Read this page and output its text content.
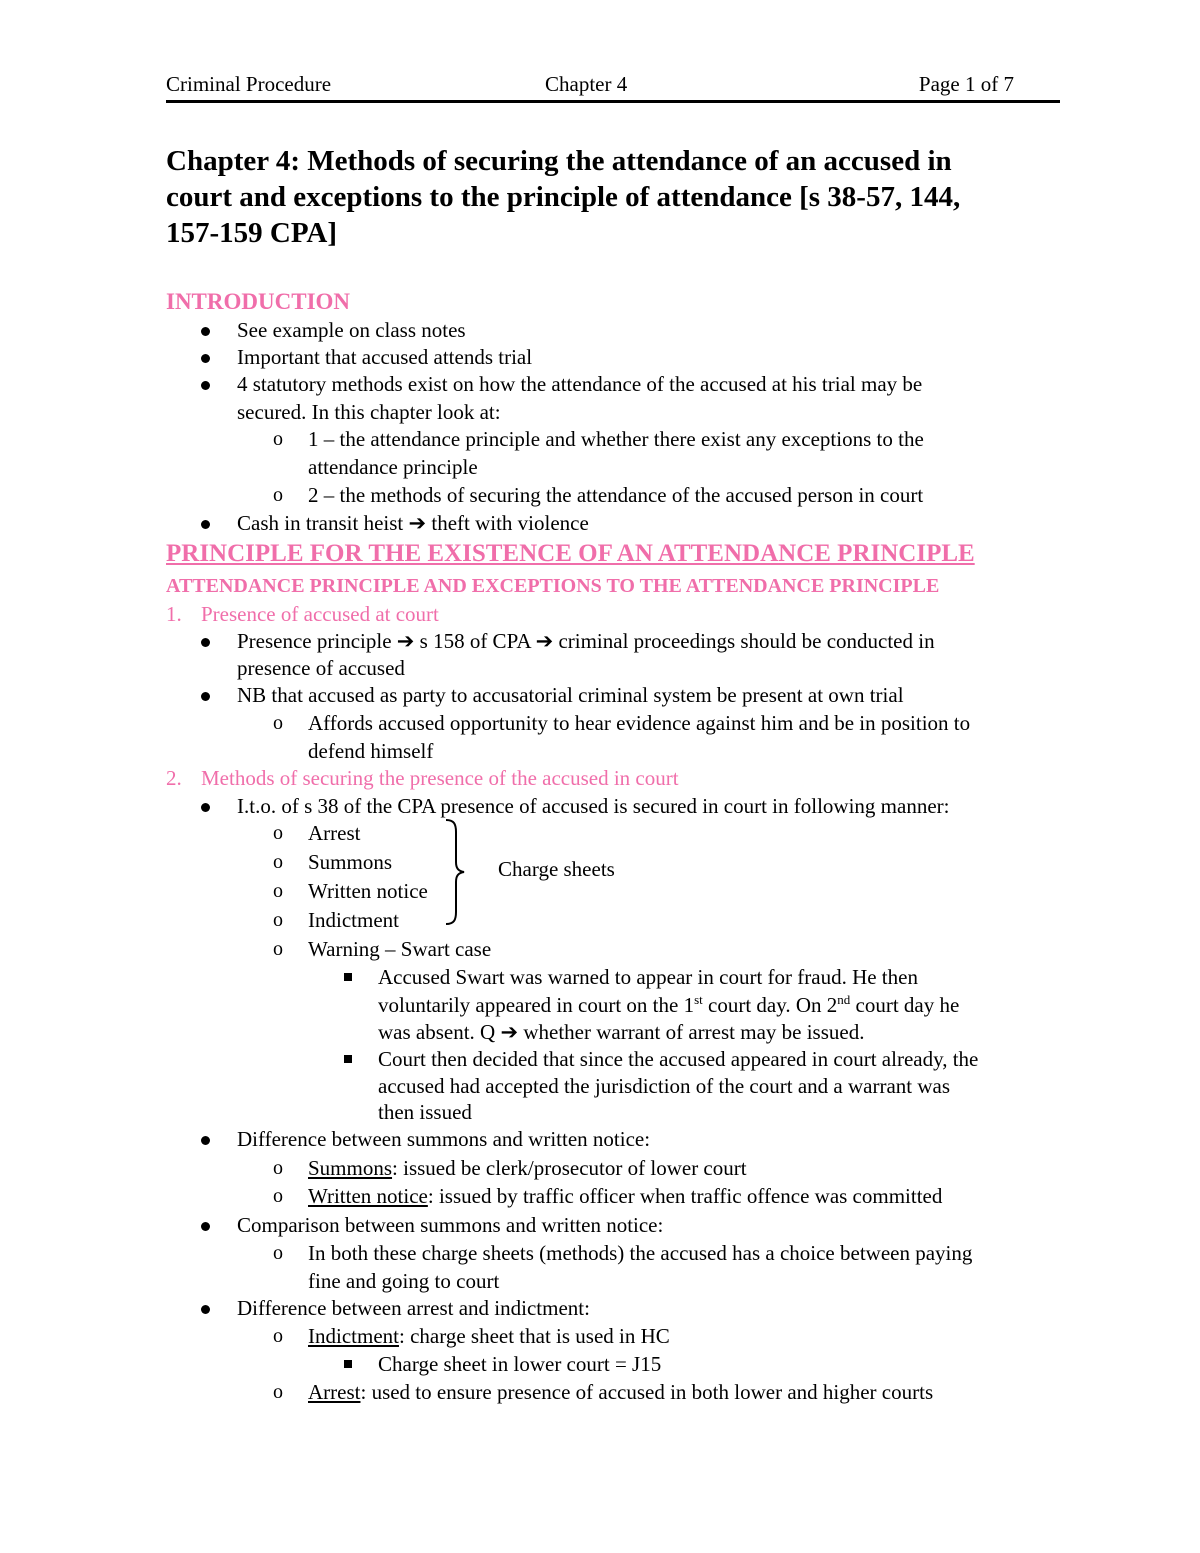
Criminal Procedure	Chapter 4	Page 1 of 7
Chapter 4: Methods of securing the attendance of an accused in
court and exceptions to the principle of attendance [s 38-57, 144,
157-159 CPA]
INTRODUCTION
See example on class notes
Important that accused attends trial
4 statutory methods exist on how the attendance of the accused at his trial may be
secured. In this chapter look at:
o 1 – the attendance principle and whether there exist any exceptions to the
attendance principle
o 2 – the methods of securing the attendance of the accused person in court
Cash in transit heist ➔ theft with violence
PRINCIPLE FOR THE EXISTENCE OF AN ATTENDANCE PRINCIPLE
ATTENDANCE PRINCIPLE AND EXCEPTIONS TO THE ATTENDANCE PRINCIPLE
1. Presence of accused at court
Presence principle ➔ s 158 of CPA ➔ criminal proceedings should be conducted in
presence of accused
NB that accused as party to accusatorial criminal system be present at own trial
o Affords accused opportunity to hear evidence against him and be in position to
defend himself
2. Methods of securing the presence of the accused in court
I.t.o. of s 38 of the CPA presence of accused is secured in court in following manner:
o Arrest
o Summons
o Written notice
o Indictment
Charge sheets
o Warning – Swart case
Accused Swart was warned to appear in court for fraud. He then
voluntarily appeared in court on the 1st court day. On 2nd court day he
was absent. Q ➔ whether warrant of arrest may be issued.
Court then decided that since the accused appeared in court already, the
accused had accepted the jurisdiction of the court and a warrant was
then issued
Difference between summons and written notice:
o Summons: issued be clerk/prosecutor of lower court
o Written notice: issued by traffic officer when traffic offence was committed
Comparison between summons and written notice:
o In both these charge sheets (methods) the accused has a choice between paying
fine and going to court
Difference between arrest and indictment:
o Indictment: charge sheet that is used in HC
Charge sheet in lower court = J15
o Arrest: used to ensure presence of accused in both lower and higher courts
